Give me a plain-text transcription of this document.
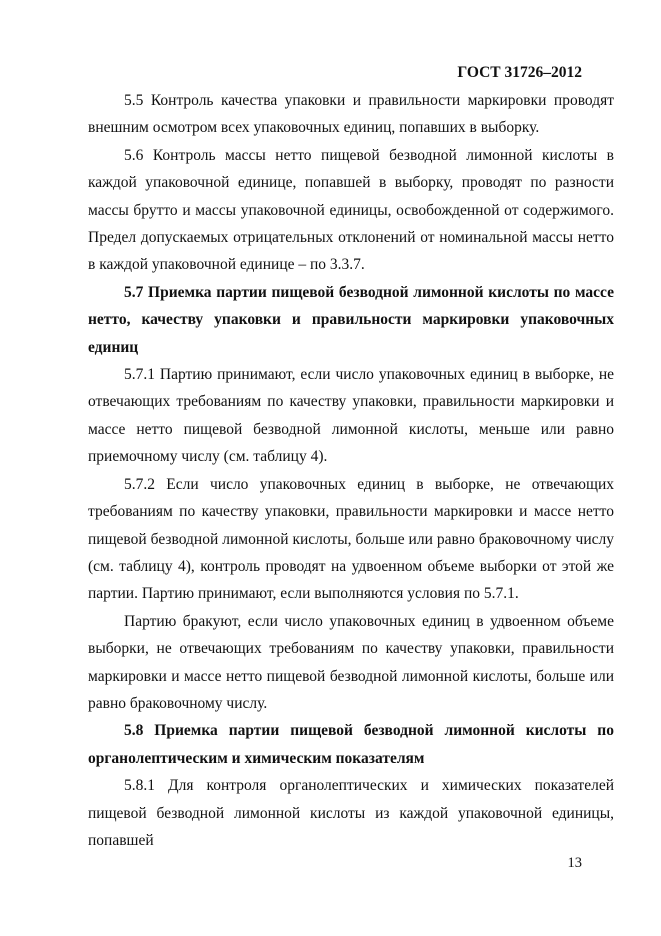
ГОСТ 31726–2012

5.5 Контроль качества упаковки и правильности маркировки проводят внешним осмотром всех упаковочных единиц, попавших в выборку.

5.6 Контроль массы нетто пищевой безводной лимонной кислоты в каждой упаковочной единице, попавшей в выборку, проводят по разности массы брутто и массы упаковочной единицы, освобожденной от содержимого. Предел допускаемых отрицательных отклонений от номинальной массы нетто в каждой упаковочной единице – по 3.3.7.

5.7 Приемка партии пищевой безводной лимонной кислоты по массе нетто, качеству упаковки и правильности маркировки упаковочных единиц

5.7.1 Партию принимают, если число упаковочных единиц в выборке, не отвечающих требованиям по качеству упаковки, правильности маркировки и массе нетто пищевой безводной лимонной кислоты, меньше или равно приемочному числу (см. таблицу 4).

5.7.2 Если число упаковочных единиц в выборке, не отвечающих требованиям по качеству упаковки, правильности маркировки и массе нетто пищевой безводной лимонной кислоты, больше или равно браковочному числу (см. таблицу 4), контроль проводят на удвоенном объеме выборки от этой же партии. Партию принимают, если выполняются условия по 5.7.1.

Партию бракуют, если число упаковочных единиц в удвоенном объеме выборки, не отвечающих требованиям по качеству упаковки, правильности маркировки и массе нетто пищевой безводной лимонной кислоты, больше или равно браковочному числу.

5.8 Приемка партии пищевой безводной лимонной кислоты по органолептическим и химическим показателям

5.8.1 Для контроля органолептических и химических показателей пищевой безводной лимонной кислоты из каждой упаковочной единицы, попавшей

13
